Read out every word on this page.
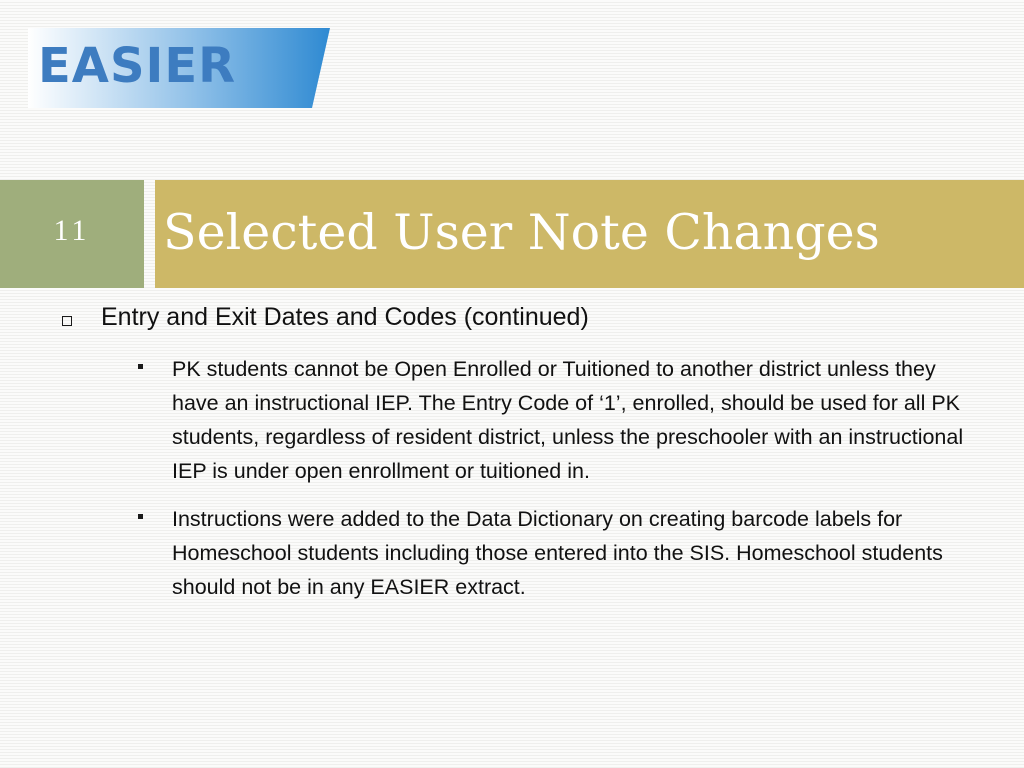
EASIER
11	Selected User Note Changes

Entry and Exit Dates and Codes (continued)

PK students cannot be Open Enrolled or Tuitioned to another district unless they have an instructional IEP. The Entry Code of ‘1’, enrolled, should be used for all PK students, regardless of resident district, unless the preschooler with an instructional IEP is under open enrollment or tuitioned in.

Instructions were added to the Data Dictionary on creating barcode labels for Homeschool students including those entered into the SIS. Homeschool students should not be in any EASIER extract.
